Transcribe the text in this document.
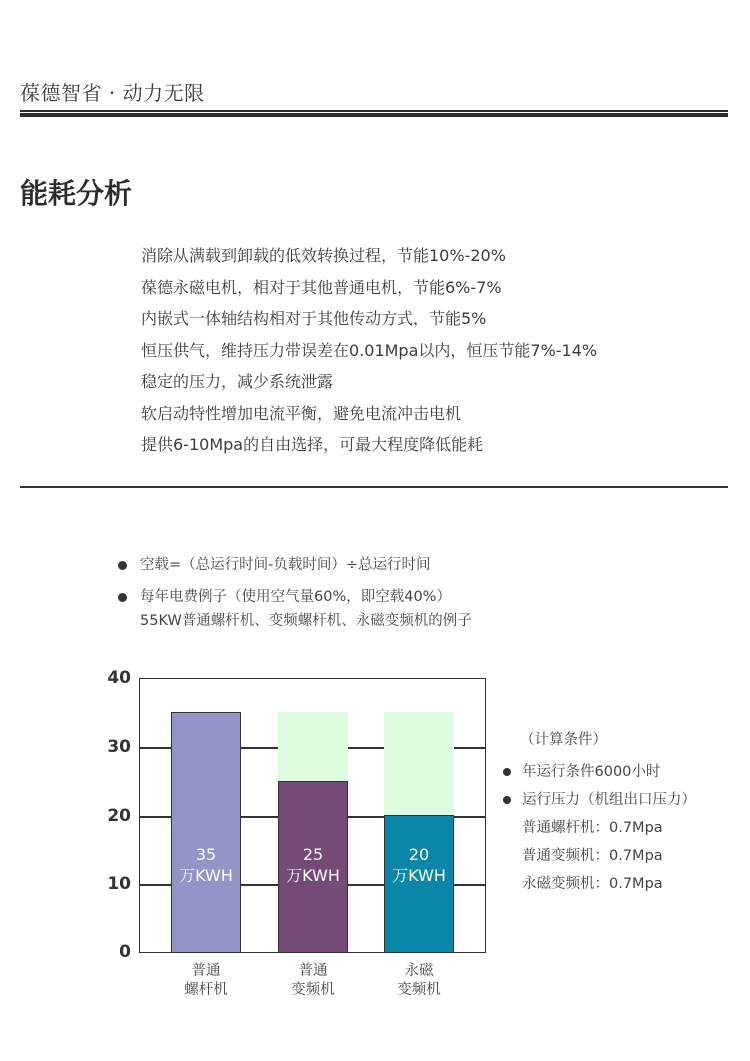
葆德智省 · 动力无限
能耗分析
消除从满载到卸载的低效转换过程，节能10%-20%
葆德永磁电机，相对于其他普通电机，节能6%-7%
内嵌式一体轴结构相对于其他传动方式，节能5%
恒压供气，维持压力带误差在0.01Mpa以内，恒压节能7%-14%
稳定的压力，减少系统泄露
软启动特性增加电流平衡，避免电流冲击电机
提供6-10Mpa的自由选择，可最大程度降低能耗
空载=（总运行时间-负载时间）÷总运行时间
每年电费例子（使用空气量60%，即空载40%）
55KW普通螺杆机、变频螺杆机、永磁变频机的例子
40
30
20
10
0
35
万KWH
25
万KWH
20
万KWH
普通
螺杆机
普通
变频机
永磁
变频机
（计算条件）
年运行条件6000小时
运行压力（机组出口压力）
普通螺杆机：0.7Mpa
普通变频机：0.7Mpa
永磁变频机：0.7Mpa
